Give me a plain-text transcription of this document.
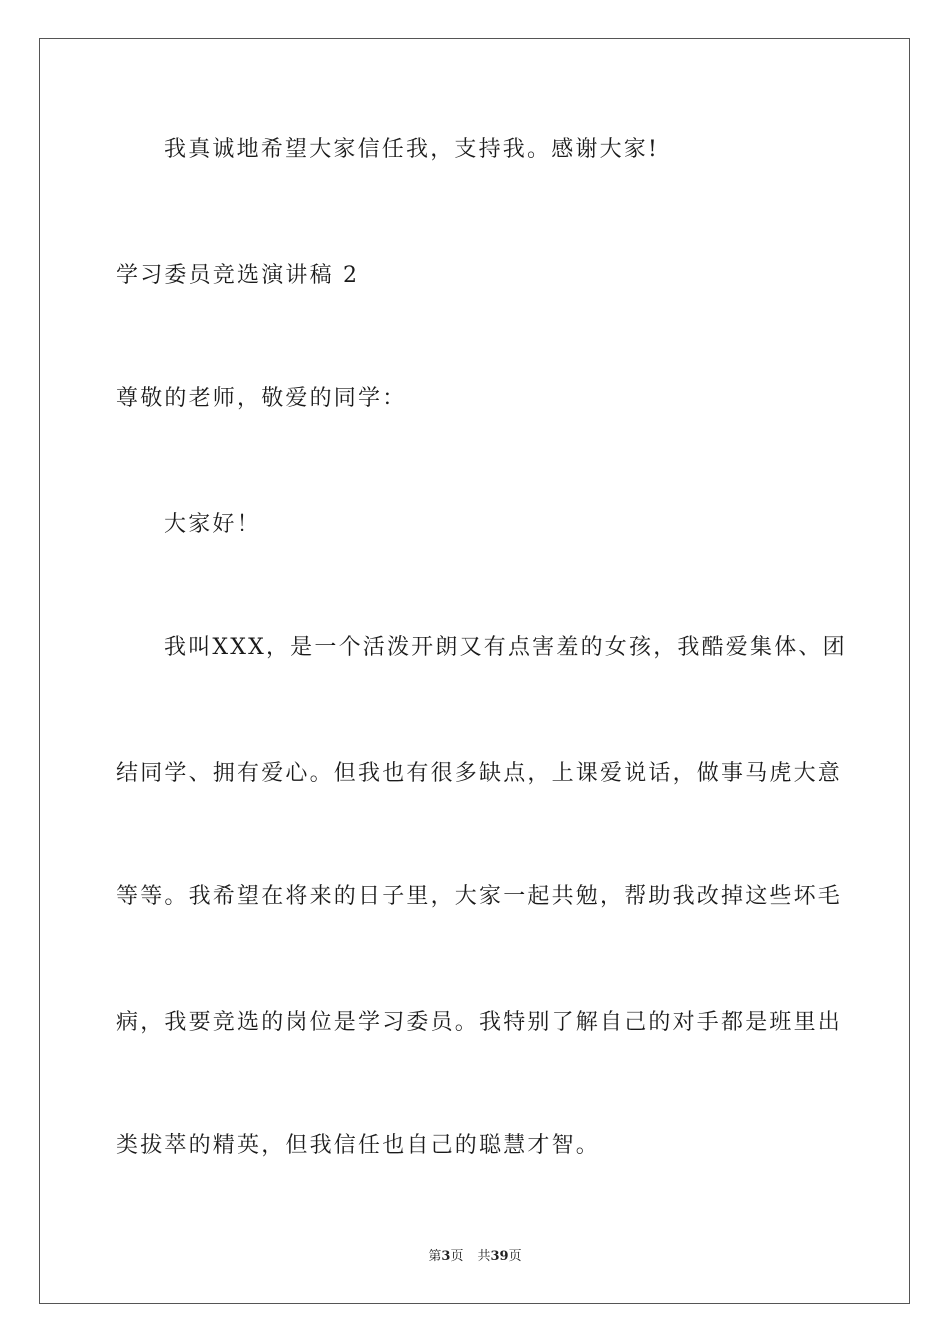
我真诚地希望大家信任我，支持我。感谢大家!
学习委员竞选演讲稿 2
尊敬的老师，敬爱的同学：
大家好！
我叫XXX，是一个活泼开朗又有点害羞的女孩，我酷爱集体、团
结同学、拥有爱心。但我也有很多缺点，上课爱说话，做事马虎大意
等等。我希望在将来的日子里，大家一起共勉，帮助我改掉这些坏毛
病，我要竞选的岗位是学习委员。我特别了解自己的对手都是班里出
类拔萃的精英，但我信任也自己的聪慧才智。
第3页 共39页
